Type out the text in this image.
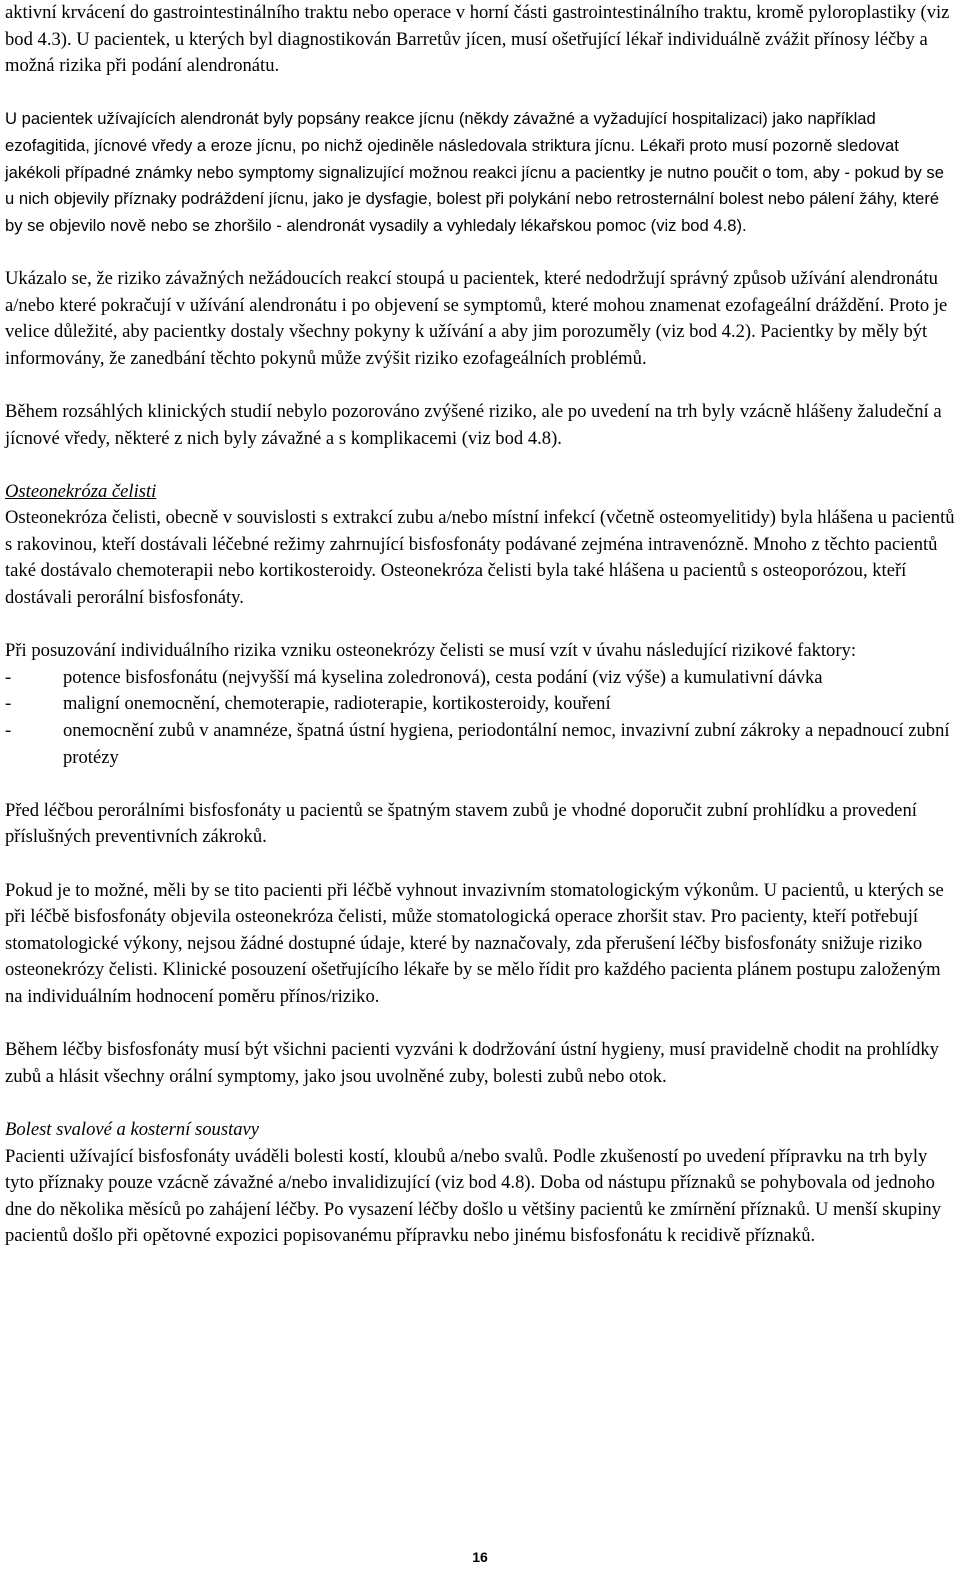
aktivní krvácení do gastrointestinálního traktu nebo operace v horní části gastrointestinálního traktu, kromě pyloroplastiky (viz bod 4.3). U pacientek, u kterých byl diagnostikován Barretův jícen, musí ošetřující lékař individuálně zvážit přínosy léčby a možná rizika při podání alendronátu.

U pacientek užívajících alendronát byly popsány reakce jícnu (někdy závažné a vyžadující hospitalizaci) jako například ezofagitida, jícnové vředy a eroze jícnu, po nichž ojediněle následovala striktura jícnu. Lékaři proto musí pozorně sledovat jakékoli případné známky nebo symptomy signalizující možnou reakci jícnu a pacientky je nutno poučit o tom, aby - pokud by se u nich objevily příznaky podráždení jícnu, jako je dysfagie, bolest při polykání nebo retrosternální bolest nebo pálení žáhy, které by se objevilo nově nebo se zhoršilo - alendronát vysadily a vyhledaly lékařskou pomoc (viz bod 4.8).

Ukázalo se, že riziko závažných nežádoucích reakcí stoupá u pacientek, které nedodržují správný způsob užívání alendronátu a/nebo které pokračují v užívání alendronátu i po objevení se symptomů, které mohou znamenat ezofageální dráždění. Proto je velice důležité, aby pacientky dostaly všechny pokyny k užívání a aby jim porozuměly (viz bod 4.2). Pacientky by měly být informovány, že zanedbání těchto pokynů může zvýšit riziko ezofageálních problémů.

Během rozsáhlých klinických studií nebylo pozorováno zvýšené riziko, ale po uvedení na trh byly vzácně hlášeny žaludeční a jícnové vředy, některé z nich byly závažné a s komplikacemi (viz bod 4.8).

Osteonekróza čelisti

Osteonekróza čelisti, obecně v souvislosti s extrakcí zubu a/nebo místní infekcí (včetně osteomyelitidy) byla hlášena u pacientů s rakovinou, kteří dostávali léčebné režimy zahrnující bisfosfonáty podávané zejména intravenózně. Mnoho z těchto pacientů také dostávalo chemoterapii nebo kortikosteroidy. Osteonekróza čelisti byla také hlášena u pacientů s osteoporózou, kteří dostávali perorální bisfosfonáty.

Při posuzování individuálního rizika vzniku osteonekrózy čelisti se musí vzít v úvahu následující rizikové faktory:

-	potence bisfosfonátu (nejvyšší má kyselina zoledronová), cesta podání (viz výše) a kumulativní dávka
-	maligní onemocnění, chemoterapie, radioterapie, kortikosteroidy, kouření
-	onemocnění zubů v anamnéze, špatná ústní hygiena, periodontální nemoc, invazivní zubní zákroky a nepadnoucí zubní protézy

Před léčbou perorálními bisfosfonáty u pacientů se špatným stavem zubů je vhodné doporučit zubní prohlídku a provedení příslušných preventivních zákroků.

Pokud je to možné, měli by se tito pacienti při léčbě vyhnout invazivním stomatologickým výkonům. U pacientů, u kterých se při léčbě bisfosfonáty objevila osteonekróza čelisti, může stomatologická operace zhoršit stav. Pro pacienty, kteří potřebují stomatologické výkony, nejsou žádné dostupné údaje, které by naznačovaly, zda přerušení léčby bisfosfonáty snižuje riziko osteonekrózy čelisti. Klinické posouzení ošetřujícího lékaře by se mělo řídit pro každého pacienta plánem postupu založeným na individuálním hodnocení poměru přínos/riziko.

Během léčby bisfosfonáty musí být všichni pacienti vyzváni k dodržování ústní hygieny, musí pravidelně chodit na prohlídky zubů a hlásit všechny orální symptomy, jako jsou uvolněné zuby, bolesti zubů nebo otok.

Bolest svalové a kosterní soustavy

Pacienti užívající bisfosfonáty uváděli bolesti kostí, kloubů a/nebo svalů. Podle zkušeností po uvedení přípravku na trh byly tyto příznaky pouze vzácně závažné a/nebo invalidizující (viz bod 4.8). Doba od nástupu příznaků se pohybovala od jednoho dne do několika měsíců po zahájení léčby. Po vysazení léčby došlo u většiny pacientů ke zmírnění příznaků. U menší skupiny pacientů došlo při opětovné expozici popisovanému přípravku nebo jinému bisfosfonátu k recidivě příznaků.

16
